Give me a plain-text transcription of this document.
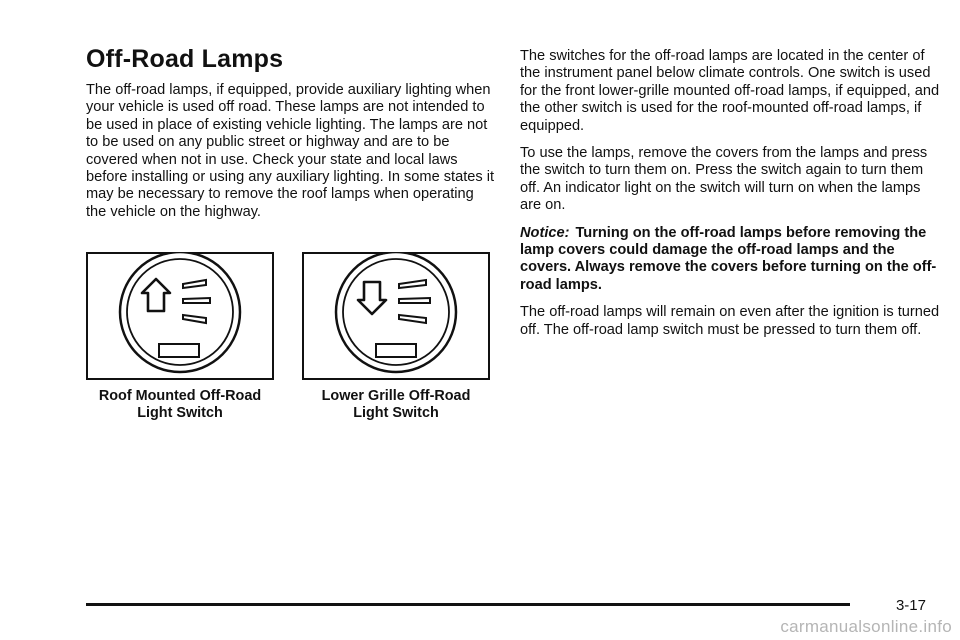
Off-Road Lamps

The off-road lamps, if equipped, provide auxiliary lighting when your vehicle is used off road. These lamps are not intended to be used in place of existing vehicle lighting. The lamps are not to be used on any public street or highway and are to be covered when not in use. Check your state and local laws before installing or using any auxiliary lighting. In some states it may be necessary to remove the roof lamps when operating the vehicle on the highway.

Roof Mounted Off-Road
Light Switch
Lower Grille Off-Road
Light Switch

The switches for the off-road lamps are located in the center of the instrument panel below climate controls. One switch is used for the front lower-grille mounted off-road lamps, if equipped, and the other switch is used for the roof-mounted off-road lamps, if equipped.

To use the lamps, remove the covers from the lamps and press the switch to turn them on. Press the switch again to turn them off. An indicator light on the switch will turn on when the lamps are on.

Notice: Turning on the off-road lamps before removing the lamp covers could damage the off-road lamps and the covers. Always remove the covers before turning on the off-road lamps.

The off-road lamps will remain on even after the ignition is turned off. The off-road lamp switch must be pressed to turn them off.

3-17
carmanualsonline.info
